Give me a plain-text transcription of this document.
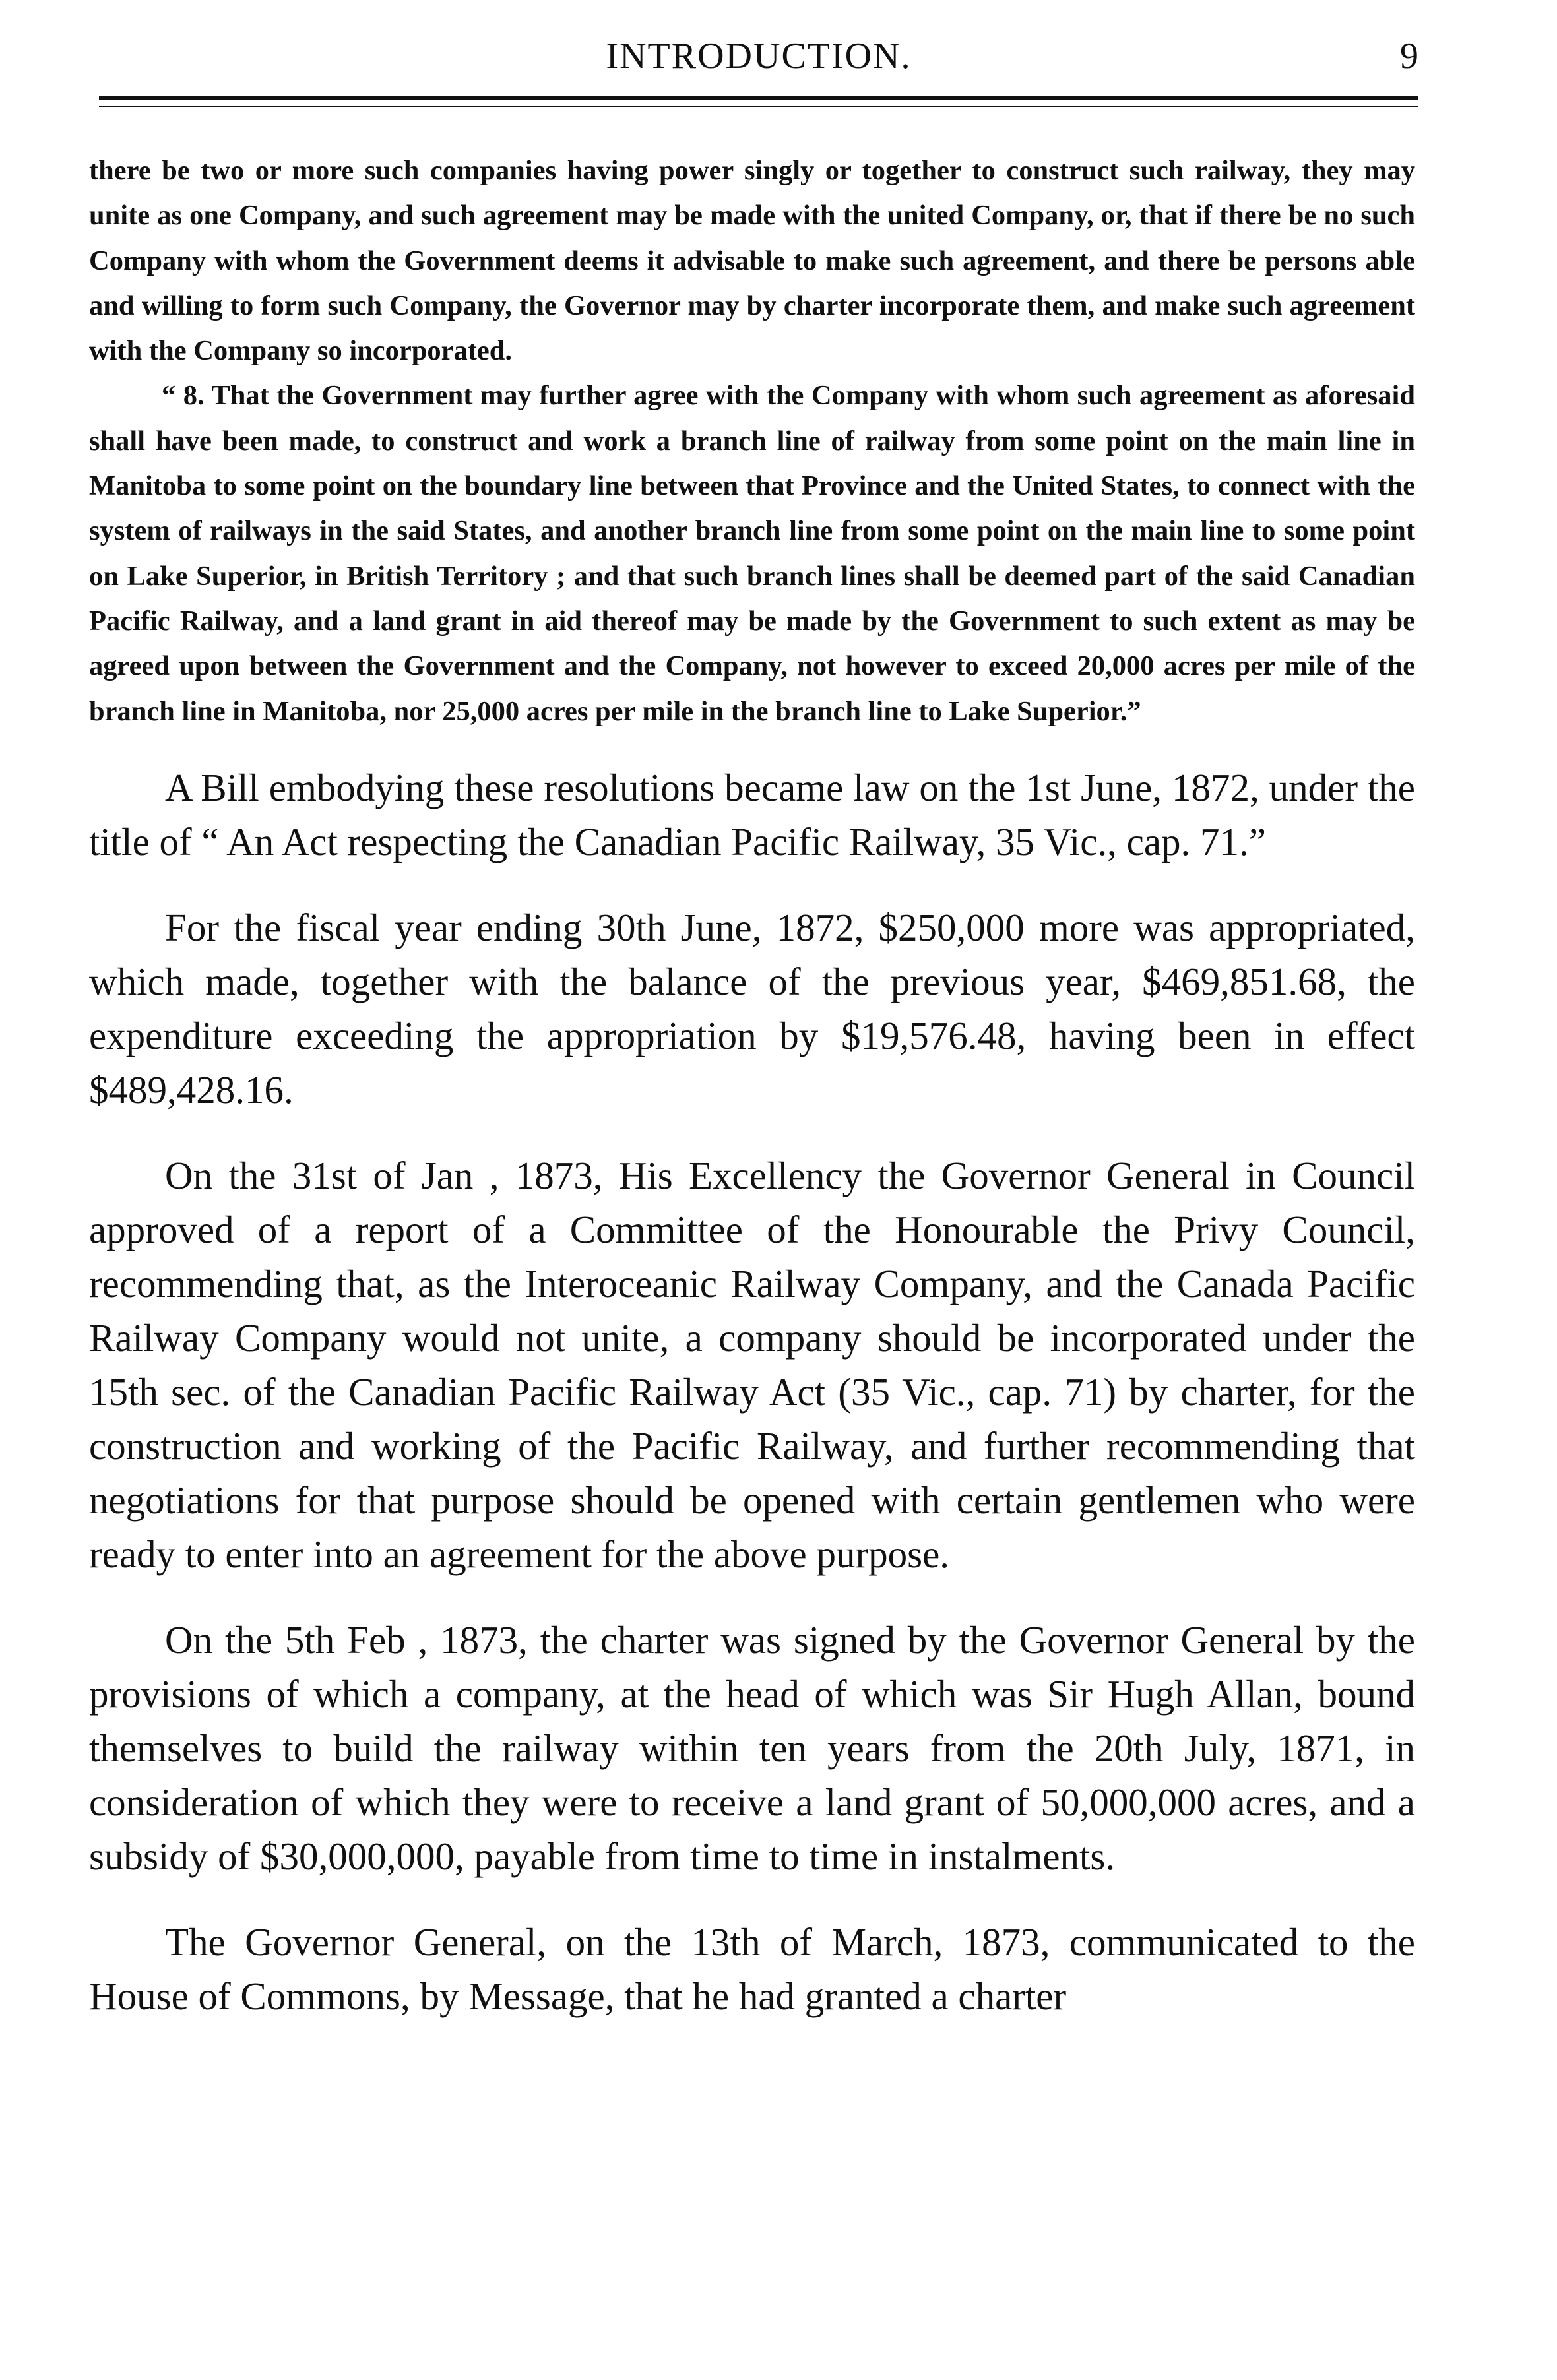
INTRODUCTION.	9

there be two or more such companies having power singly or together to construct such railway, they may unite as one Company, and such agreement may be made with the united Company, or, that if there be no such Company with whom the Government deems it advisable to make such agreement, and there be persons able and willing to form such Company, the Governor may by charter incorporate them, and make such agreement with the Company so incorporated.

“ 8. That the Government may further agree with the Company with whom such agreement as aforesaid shall have been made, to construct and work a branch line of railway from some point on the main line in Manitoba to some point on the boundary line between that Province and the United States, to connect with the system of railways in the said States, and another branch line from some point on the main line to some point on Lake Superior, in British Territory ; and that such branch lines shall be deemed part of the said Canadian Pacific Railway, and a land grant in aid thereof may be made by the Government to such extent as may be agreed upon between the Government and the Company, not however to exceed 20,000 acres per mile of the branch line in Manitoba, nor 25,000 acres per mile in the branch line to Lake Superior.”

A Bill embodying these resolutions became law on the 1st June, 1872, under the title of “ An Act respecting the Canadian Pacific Railway, 35 Vic., cap. 71.”

For the fiscal year ending 30th June, 1872, $250,000 more was appropriated, which made, together with the balance of the previous year, $469,851.68, the expenditure exceeding the appropriation by $19,576.48, having been in effect $489,428.16.

On the 31st of Jan , 1873, His Excellency the Governor General in Council approved of a report of a Committee of the Honourable the Privy Council, recommending that, as the Interoceanic Railway Company, and the Canada Pacific Railway Company would not unite, a company should be incorporated under the 15th sec. of the Canadian Pacific Railway Act (35 Vic., cap. 71) by charter, for the construction and working of the Pacific Railway, and further recommending that negotiations for that purpose should be opened with certain gentlemen who were ready to enter into an agreement for the above purpose.

On the 5th Feb , 1873, the charter was signed by the Governor General by the provisions of which a company, at the head of which was Sir Hugh Allan, bound themselves to build the railway within ten years from the 20th July, 1871, in consideration of which they were to receive a land grant of 50,000,000 acres, and a subsidy of $30,000,000, payable from time to time in instalments.

The Governor General, on the 13th of March, 1873, communicated to the House of Commons, by Message, that he had granted a charter
